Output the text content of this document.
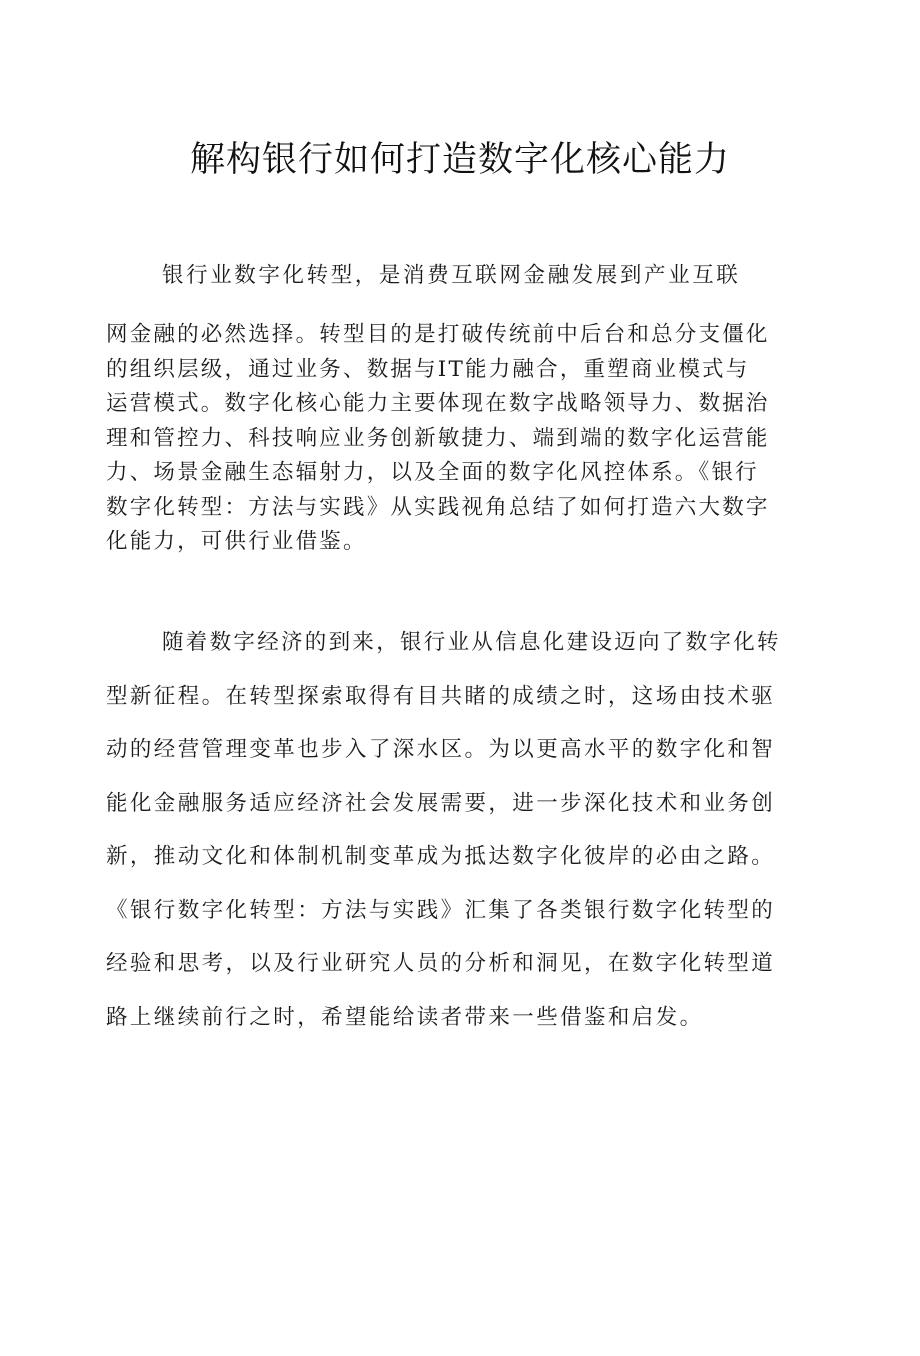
解构银行如何打造数字化核心能力

银行业数字化转型，是消费互联网金融发展到产业互联

网金融的必然选择。转型目的是打破传统前中后台和总分支僵化
的组织层级，通过业务、数据与IT能力融合，重塑商业模式与
运营模式。数字化核心能力主要体现在数字战略领导力、数据治
理和管控力、科技响应业务创新敏捷力、端到端的数字化运营能
力、场景金融生态辐射力，以及全面的数字化风控体系。《银行
数字化转型：方法与实践》从实践视角总结了如何打造六大数字
化能力，可供行业借鉴。
随着数字经济的到来，银行业从信息化建设迈向了数字化转
型新征程。在转型探索取得有目共睹的成绩之时，这场由技术驱
动的经营管理变革也步入了深水区。为以更高水平的数字化和智
能化金融服务适应经济社会发展需要，进一步深化技术和业务创
新，推动文化和体制机制变革成为抵达数字化彼岸的必由之路。
《银行数字化转型：方法与实践》汇集了各类银行数字化转型的
经验和思考，以及行业研究人员的分析和洞见，在数字化转型道
路上继续前行之时，希望能给读者带来一些借鉴和启发。
